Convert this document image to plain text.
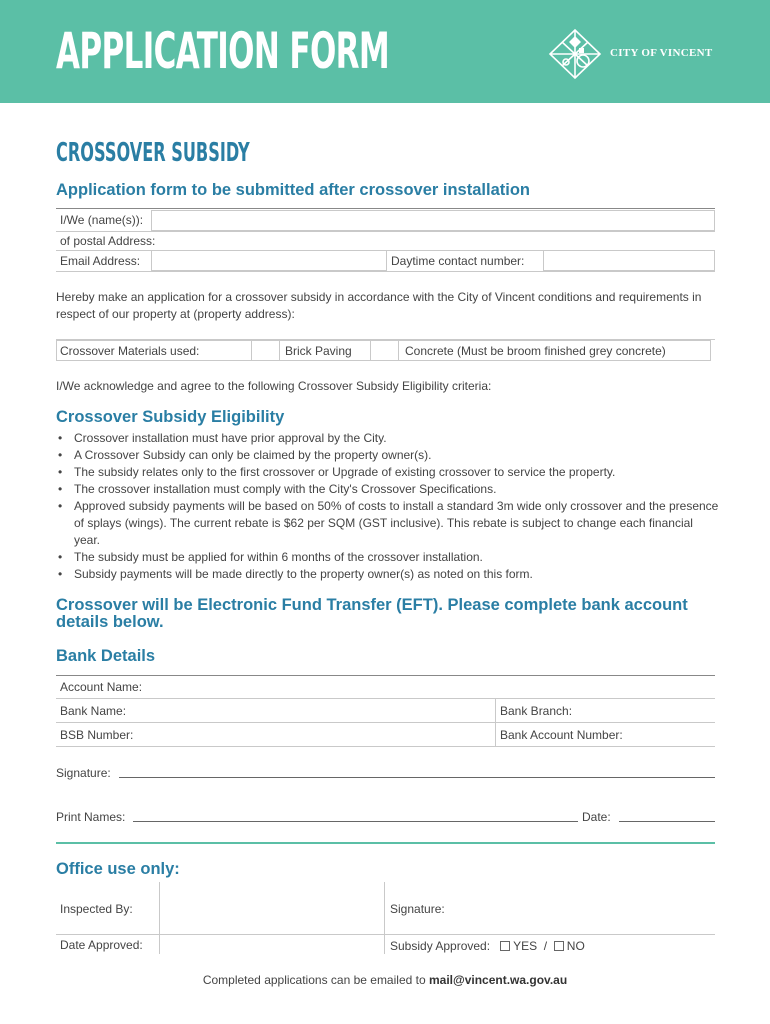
APPLICATION FORM	CITY OF VINCENT
CROSSOVER SUBSIDY
Application form to be submitted after crossover installation
I/We (name(s)):
of postal Address:
Email Address:	Daytime contact number:
Hereby make an application for a crossover subsidy in accordance with the City of Vincent conditions and requirements in respect of our property at (property address):
Crossover Materials used:	Brick Paving	Concrete (Must be broom finished grey concrete)
I/We acknowledge and agree to the following Crossover Subsidy Eligibility criteria:
Crossover Subsidy Eligibility
• Crossover installation must have prior approval by the City.
• A Crossover Subsidy can only be claimed by the property owner(s).
• The subsidy relates only to the first crossover or Upgrade of existing crossover to service the property.
• The crossover installation must comply with the City's Crossover Specifications.
• Approved subsidy payments will be based on 50% of costs to install a standard 3m wide only crossover and the presence of splays (wings). The current rebate is $62 per SQM (GST inclusive). This rebate is subject to change each financial year.
• The subsidy must be applied for within 6 months of the crossover installation.
• Subsidy payments will be made directly to the property owner(s) as noted on this form.
Crossover will be Electronic Fund Transfer (EFT). Please complete bank account details below.
Bank Details
Account Name:
Bank Name:	Bank Branch:
BSB Number:	Bank Account Number:
Signature:
Print Names:	Date:
Office use only:
Inspected By:	Signature:
Date Approved:	Subsidy Approved: YES / NO
Completed applications can be emailed to mail@vincent.wa.gov.au
